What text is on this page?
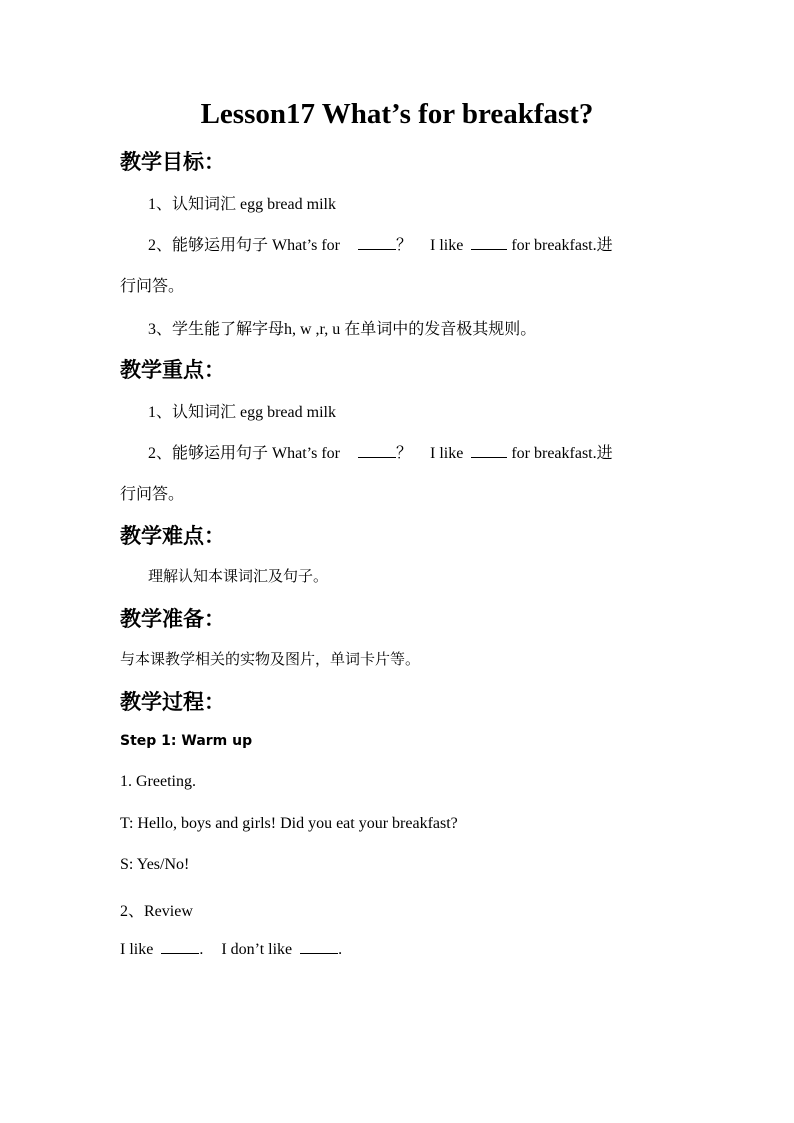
Lesson17 What’s for breakfast?
教学目标：
1、认知词汇 egg bread milk
2、能够运用句子 What’s for	？ I like	for breakfast.进
行问答。
3、学生能了解字母h, w ,r, u 在单词中的发音极其规则。
教学重点：
1、认知词汇 egg bread milk
2、能够运用句子 What’s for	？ I like	for breakfast.进
行问答。
教学难点：
理解认知本课词汇及句子。
教学准备：
与本课教学相关的实物及图片，单词卡片等。
教学过程：
Step 1: Warm up
1. Greeting.
T: Hello, boys and girls! Did you eat your breakfast?
S: Yes/No!
2、Review
I like	. I don’t like	.
